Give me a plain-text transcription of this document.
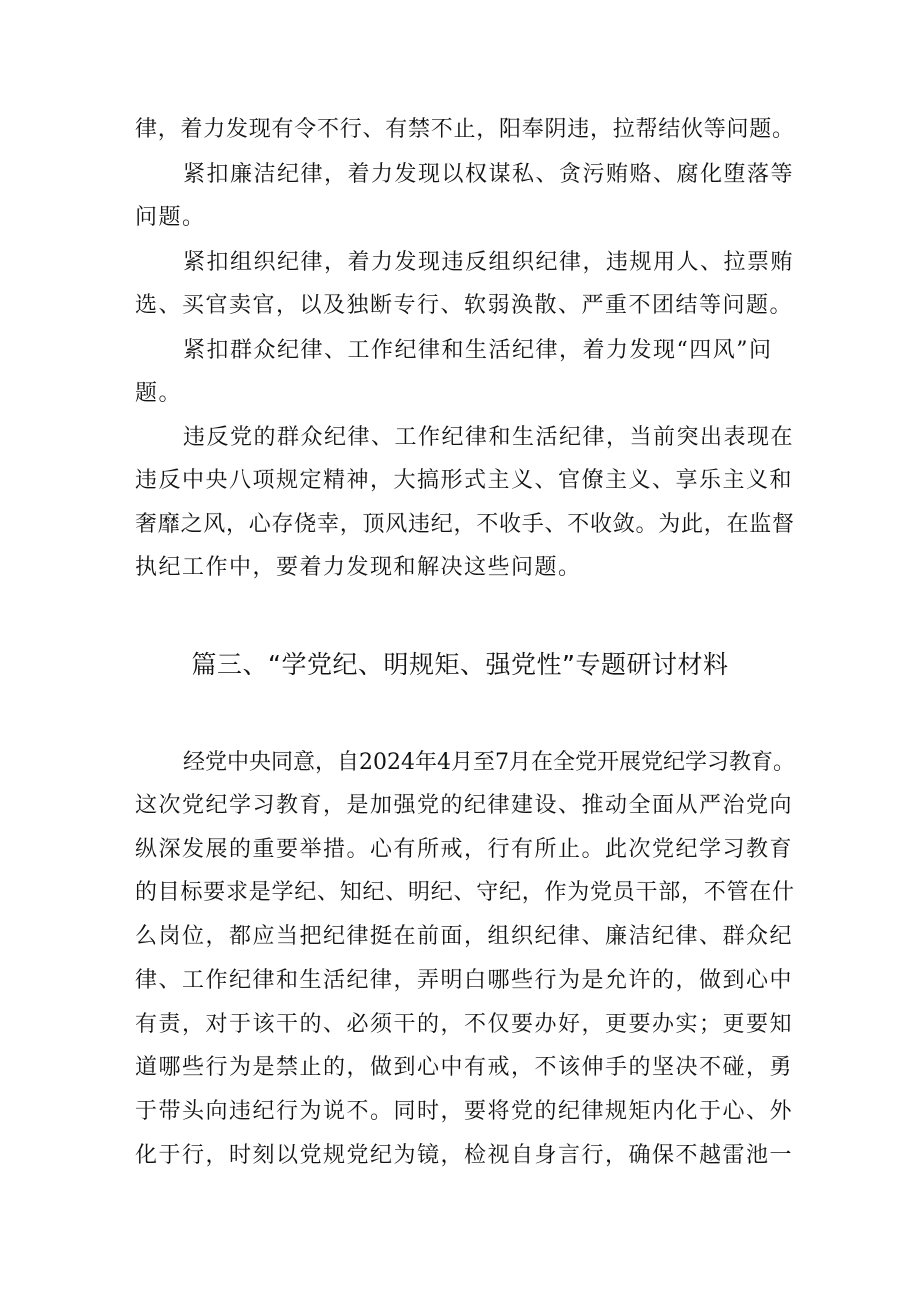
律，着力发现有令不行、有禁不止，阳奉阴违，拉帮结伙等问题。
紧扣廉洁纪律，着力发现以权谋私、贪污贿赂、腐化堕落等
问题。
紧扣组织纪律，着力发现违反组织纪律，违规用人、拉票贿
选、买官卖官，以及独断专行、软弱涣散、严重不团结等问题。
紧扣群众纪律、工作纪律和生活纪律，着力发现“四风”问
题。
违反党的群众纪律、工作纪律和生活纪律，当前突出表现在
违反中央八项规定精神，大搞形式主义、官僚主义、享乐主义和
奢靡之风，心存侥幸，顶风违纪，不收手、不收敛。为此，在监督
执纪工作中，要着力发现和解决这些问题。
篇三、“学党纪、明规矩、强党性”专题研讨材料
经党中央同意，自2024年4月至7月在全党开展党纪学习教育。
这次党纪学习教育，是加强党的纪律建设、推动全面从严治党向
纵深发展的重要举措。心有所戒，行有所止。此次党纪学习教育
的目标要求是学纪、知纪、明纪、守纪，作为党员干部，不管在什
么岗位，都应当把纪律挺在前面，组织纪律、廉洁纪律、群众纪
律、工作纪律和生活纪律，弄明白哪些行为是允许的，做到心中
有责，对于该干的、必须干的，不仅要办好，更要办实；更要知
道哪些行为是禁止的，做到心中有戒，不该伸手的坚决不碰，勇
于带头向违纪行为说不。同时，要将党的纪律规矩内化于心、外
化于行，时刻以党规党纪为镜，检视自身言行，确保不越雷池一
